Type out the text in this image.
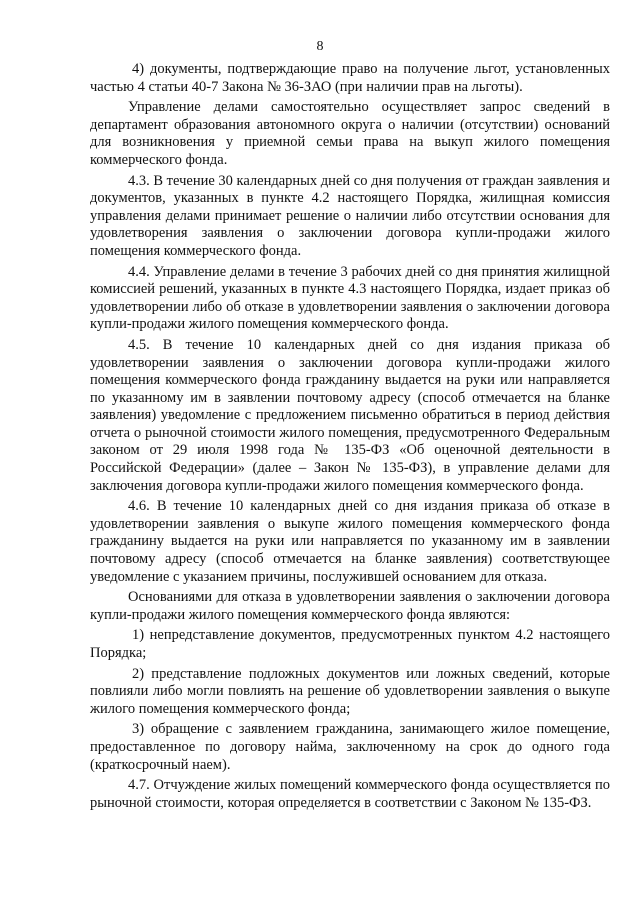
8

4) документы, подтверждающие право на получение льгот, установленных частью 4 статьи 40-7 Закона № 36-ЗАО (при наличии прав на льготы).

Управление делами самостоятельно осуществляет запрос сведений в департамент образования автономного округа о наличии (отсутствии) оснований для возникновения у приемной семьи права на выкуп жилого помещения коммерческого фонда.

4.3. В течение 30 календарных дней со дня получения от граждан заявления и документов, указанных в пункте 4.2 настоящего Порядка, жилищная комиссия управления делами принимает решение о наличии либо отсутствии основания для удовлетворения заявления о заключении договора купли-продажи жилого помещения коммерческого фонда.

4.4. Управление делами в течение 3 рабочих дней со дня принятия жилищной комиссией решений, указанных в пункте 4.3 настоящего Порядка, издает приказ об удовлетворении либо об отказе в удовлетворении заявления о заключении договора купли-продажи жилого помещения коммерческого фонда.

4.5. В течение 10 календарных дней со дня издания приказа об удовлетворении заявления о заключении договора купли-продажи жилого помещения коммерческого фонда гражданину выдается на руки или направляется по указанному им в заявлении почтовому адресу (способ отмечается на бланке заявления) уведомление с предложением письменно обратиться в период действия отчета о рыночной стоимости жилого помещения, предусмотренного Федеральным законом от 29 июля 1998 года № 135-ФЗ «Об оценочной деятельности в Российской Федерации» (далее – Закон № 135-ФЗ), в управление делами для заключения договора купли-продажи жилого помещения коммерческого фонда.

4.6. В течение 10 календарных дней со дня издания приказа об отказе в удовлетворении заявления о выкупе жилого помещения коммерческого фонда гражданину выдается на руки или направляется по указанному им в заявлении почтовому адресу (способ отмечается на бланке заявления) соответствующее уведомление с указанием причины, послужившей основанием для отказа.

Основаниями для отказа в удовлетворении заявления о заключении договора купли-продажи жилого помещения коммерческого фонда являются:

1) непредставление документов, предусмотренных пунктом 4.2 настоящего Порядка;

2) представление подложных документов или ложных сведений, которые повлияли либо могли повлиять на решение об удовлетворении заявления о выкупе жилого помещения коммерческого фонда;

3) обращение с заявлением гражданина, занимающего жилое помещение, предоставленное по договору найма, заключенному на срок до одного года (краткосрочный наем).

4.7. Отчуждение жилых помещений коммерческого фонда осуществляется по рыночной стоимости, которая определяется в соответствии с Законом № 135-ФЗ.
